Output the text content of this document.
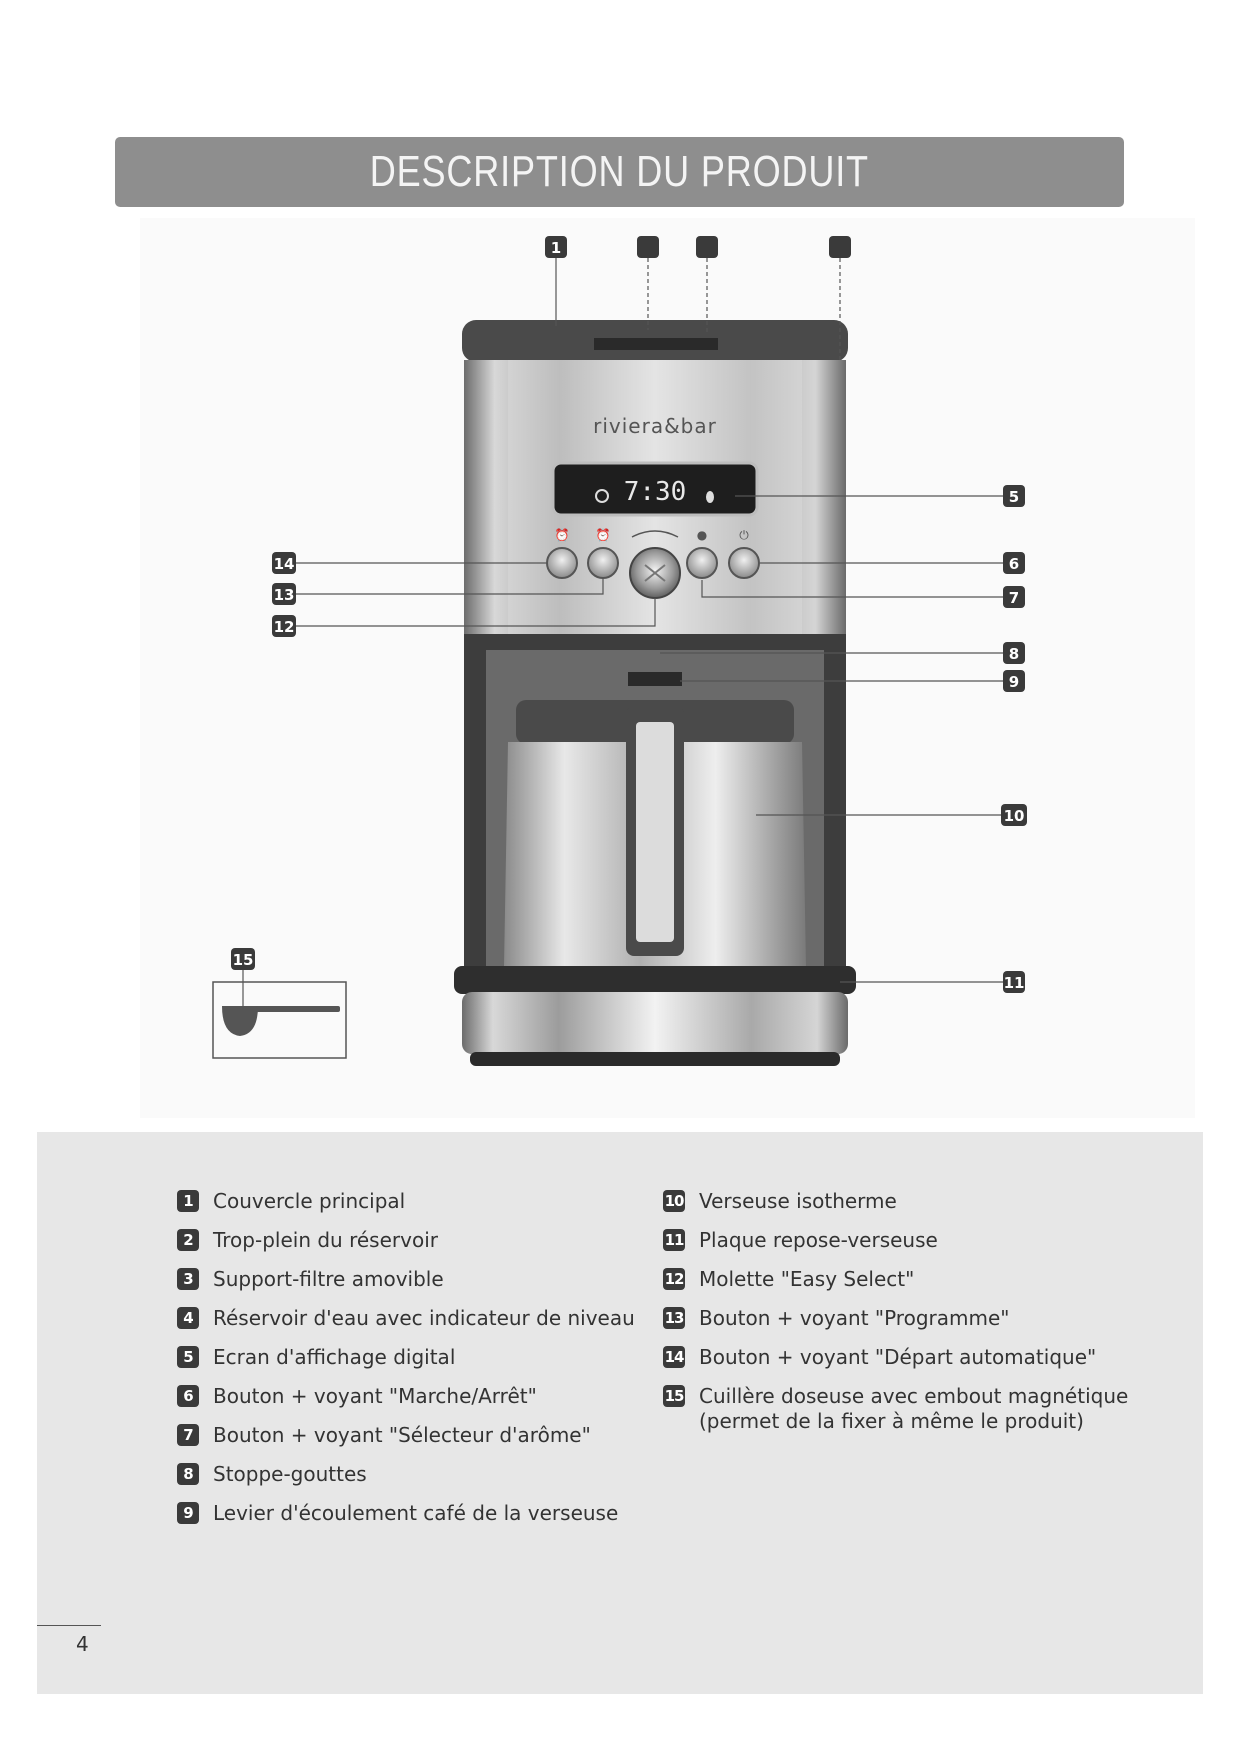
DESCRIPTION DU PRODUIT
riviera&bar
7:30
⏰ ⏰	●	⏻
1
5
6
7
8
9
10
11
12
13
14
15
1	Couvercle principal
2	Trop-plein du réservoir
3	Support-filtre amovible
4	Réservoir d'eau avec indicateur de niveau
5	Ecran d'affichage digital
6	Bouton + voyant "Marche/Arrêt"
7	Bouton + voyant "Sélecteur d'arôme"
8	Stoppe-gouttes
9	Levier d'écoulement café de la verseuse
10 Verseuse isotherme
11 Plaque repose-verseuse
12 Molette "Easy Select"
13 Bouton + voyant "Programme"
14 Bouton + voyant "Départ automatique"
15 Cuillère doseuse avec embout magnétique
(permet de la fixer à même le produit)
4
